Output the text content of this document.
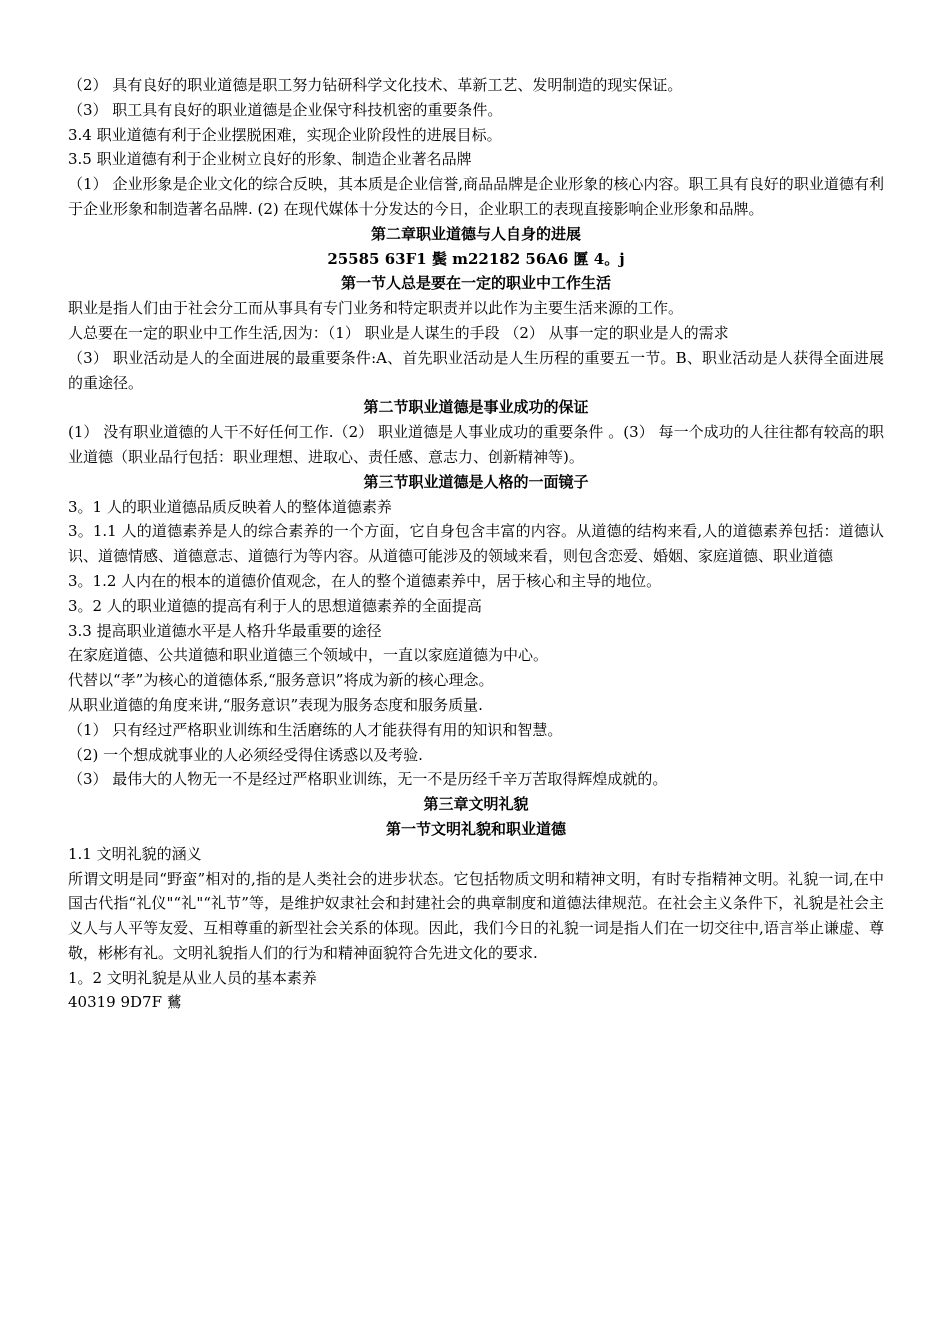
（2） 具有良好的职业道德是职工努力钻研科学文化技术、革新工艺、发明制造的现实保证。

（3） 职工具有良好的职业道德是企业保守科技机密的重要条件。

3.4 职业道德有利于企业摆脱困难，实现企业阶段性的进展目标。

3.5 职业道德有利于企业树立良好的形象、制造企业著名品牌

（1） 企业形象是企业文化的综合反映，其本质是企业信誉,商品品牌是企业形象的核心内容。职工具有良好的职业道德有利于企业形象和制造著名品牌. (2) 在现代媒体十分发达的今日，企业职工的表现直接影响企业形象和品牌。

第二章职业道德与人自身的进展

25585 63F1 鬓 m22182 56A6 匴 4。j

第一节人总是要在一定的职业中工作生活

职业是指人们由于社会分工而从事具有专门业务和特定职责并以此作为主要生活来源的工作。

人总要在一定的职业中工作生活,因为：（1） 职业是人谋生的手段 （2） 从事一定的职业是人的需求

（3） 职业活动是人的全面进展的最重要条件:A、首先职业活动是人生历程的重要五一节。B、职业活动是人获得全面进展的重途径。

第二节职业道德是事业成功的保证

(1） 没有职业道德的人干不好任何工作.（2） 职业道德是人事业成功的重要条件 。(3） 每一个成功的人往往都有较高的职业道德（职业品行包括：职业理想、进取心、责任感、意志力、创新精神等)。

第三节职业道德是人格的一面镜子

3。1 人的职业道德品质反映着人的整体道德素养

3。1.1 人的道德素养是人的综合素养的一个方面，它自身包含丰富的内容。从道德的结构来看,人的道德素养包括：道德认识、道德情感、道德意志、道德行为等内容。从道德可能涉及的领域来看，则包含恋爱、婚姻、家庭道德、职业道德

3。1.2 人内在的根本的道德价值观念，在人的整个道德素养中，居于核心和主导的地位。

3。2 人的职业道德的提高有利于人的思想道德素养的全面提高

3.3 提高职业道德水平是人格升华最重要的途径

在家庭道德、公共道德和职业道德三个领域中，一直以家庭道德为中心。

代替以“孝”为核心的道德体系,“服务意识”将成为新的核心理念。

从职业道德的角度来讲,“服务意识”表现为服务态度和服务质量.

（1） 只有经过严格职业训练和生活磨练的人才能获得有用的知识和智慧。

（2) 一个想成就事业的人必须经受得住诱惑以及考验.

（3） 最伟大的人物无一不是经过严格职业训练，无一不是历经千辛万苦取得辉煌成就的。

第三章文明礼貌

第一节文明礼貌和职业道德

1.1 文明礼貌的涵义

所谓文明是同“野蛮”相对的,指的是人类社会的进步状态。它包括物质文明和精神文明，有时专指精神文明。礼貌一词,在中国古代指“礼仪"“礼"“礼节”等，是维护奴隶社会和封建社会的典章制度和道德法律规范。在社会主义条件下，礼貌是社会主义人与人平等友爱、互相尊重的新型社会关系的体现。因此，我们今日的礼貌一词是指人们在一切交往中,语言举止谦虚、尊敬，彬彬有礼。文明礼貌指人们的行为和精神面貌符合先进文化的要求.

1。2 文明礼貌是从业人员的基本素养

40319 9D7F 鶿
